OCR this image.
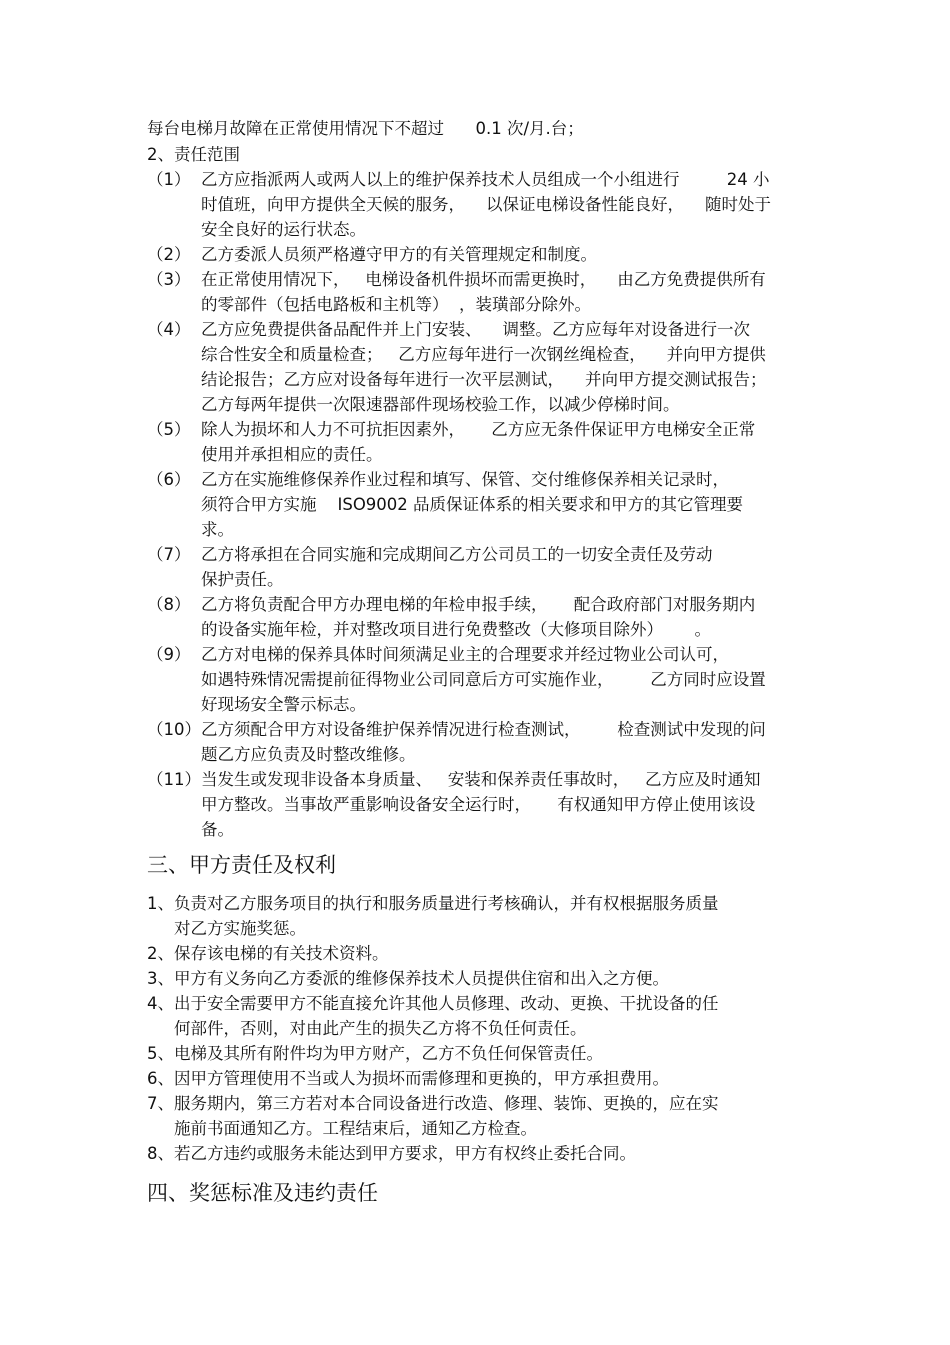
每台电梯月故障在正常使用情况下不超过      0.1 次/月.台；
2、责任范围
（1） 乙方应指派两人或两人以上的维护保养技术人员组成一个小组进行         24 小
时值班，向甲方提供全天候的服务，    以保证电梯设备性能良好，    随时处于
安全良好的运行状态。
（2） 乙方委派人员须严格遵守甲方的有关管理规定和制度。
（3） 在正常使用情况下，   电梯设备机件损坏而需更换时，    由乙方免费提供所有
的零部件（包括电路板和主机等）  ，装璜部分除外。
（4） 乙方应免费提供备品配件并上门安装、    调整。乙方应每年对设备进行一次
综合性安全和质量检查；   乙方应每年进行一次钢丝绳检查，    并向甲方提供
结论报告；乙方应对设备每年进行一次平层测试，    并向甲方提交测试报告；
乙方每两年提供一次限速器部件现场校验工作，以减少停梯时间。
（5） 除人为损坏和人力不可抗拒因素外，     乙方应无条件保证甲方电梯安全正常
使用并承担相应的责任。
（6） 乙方在实施维修保养作业过程和填写、保管、交付维修保养相关记录时，
须符合甲方实施    ISO9002 品质保证体系的相关要求和甲方的其它管理要
求。
（7） 乙方将承担在合同实施和完成期间乙方公司员工的一切安全责任及劳动
保护责任。
（8） 乙方将负责配合甲方办理电梯的年检申报手续，     配合政府部门对服务期内
的设备实施年检，并对整改项目进行免费整改（大修项目除外）      。
（9） 乙方对电梯的保养具体时间须满足业主的合理要求并经过物业公司认可，
如遇特殊情况需提前征得物业公司同意后方可实施作业，       乙方同时应设置
好现场安全警示标志。
（10） 乙方须配合甲方对设备维护保养情况进行检查测试，       检查测试中发现的问
题乙方应负责及时整改维修。
（11） 当发生或发现非设备本身质量、   安装和保养责任事故时，   乙方应及时通知
甲方整改。当事故严重影响设备安全运行时，     有权通知甲方停止使用该设
备。
三、甲方责任及权利
1、 负责对乙方服务项目的执行和服务质量进行考核确认，并有权根据服务质量
对乙方实施奖惩。
2、 保存该电梯的有关技术资料。
3、 甲方有义务向乙方委派的维修保养技术人员提供住宿和出入之方便。
4、 出于安全需要甲方不能直接允许其他人员修理、改动、更换、干扰设备的任
何部件，否则，对由此产生的损失乙方将不负任何责任。
5、 电梯及其所有附件均为甲方财产，乙方不负任何保管责任。
6、 因甲方管理使用不当或人为损坏而需修理和更换的，甲方承担费用。
7、 服务期内，第三方若对本合同设备进行改造、修理、装饰、更换的，应在实
施前书面通知乙方。工程结束后，通知乙方检查。
8、 若乙方违约或服务未能达到甲方要求，甲方有权终止委托合同。
四、奖惩标准及违约责任
